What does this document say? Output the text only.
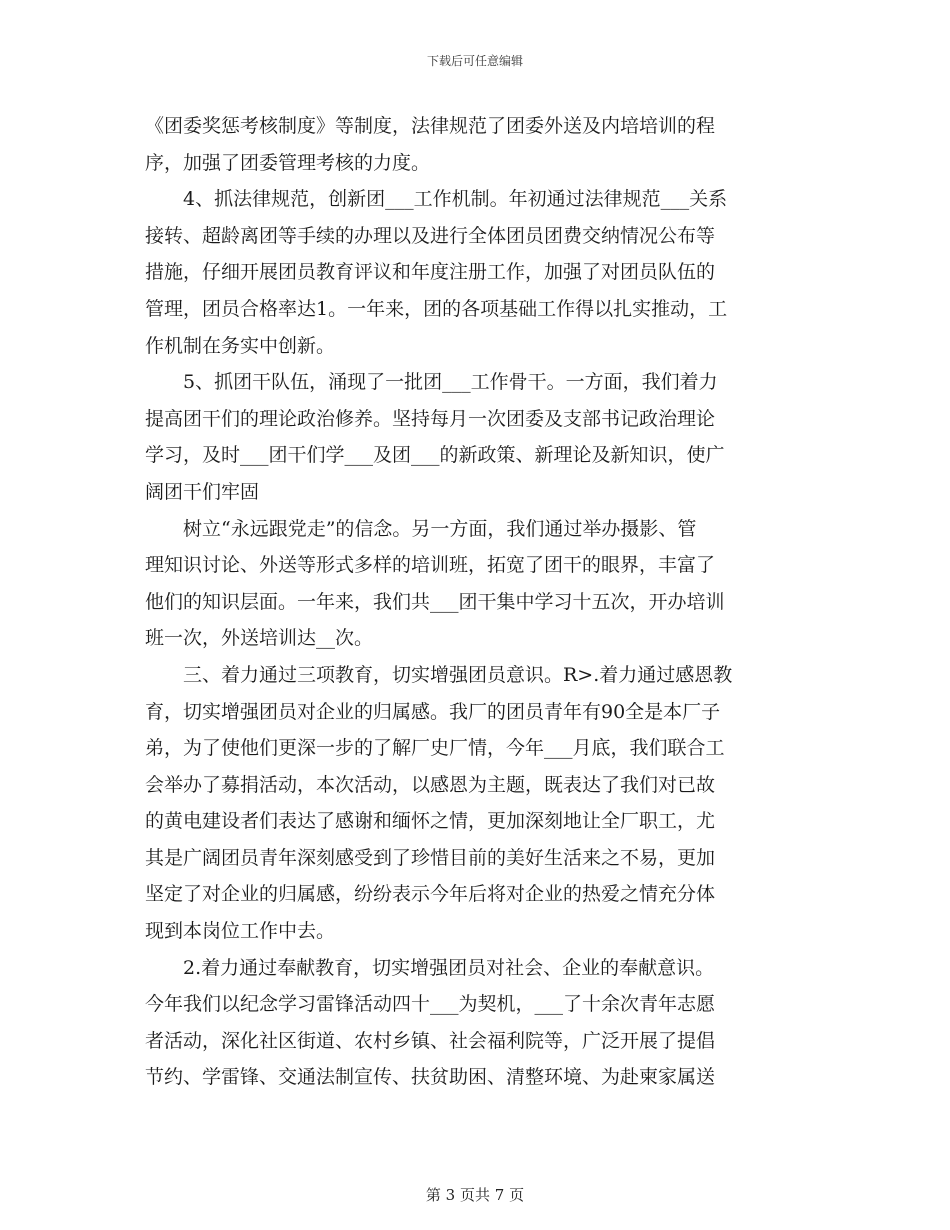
下载后可任意编辑
《团委奖惩考核制度》等制度，法律规范了团委外送及内培培训的程
序，加强了团委管理考核的力度。
4、抓法律规范，创新团___工作机制。年初通过法律规范___关系
接转、超龄离团等手续的办理以及进行全体团员团费交纳情况公布等
措施，仔细开展团员教育评议和年度注册工作，加强了对团员队伍的
管理，团员合格率达1。一年来，团的各项基础工作得以扎实推动，工
作机制在务实中创新。
5、抓团干队伍，涌现了一批团___工作骨干。一方面，我们着力
提高团干们的理论政治修养。坚持每月一次团委及支部书记政治理论
学习，及时___团干们学___及团___的新政策、新理论及新知识，使广
阔团干们牢固
树立“永远跟党走”的信念。另一方面，我们通过举办摄影、管
理知识讨论、外送等形式多样的培训班，拓宽了团干的眼界，丰富了
他们的知识层面。一年来，我们共___团干集中学习十五次，开办培训
班一次，外送培训达__次。
三、着力通过三项教育，切实增强团员意识。R>.着力通过感恩教
育，切实增强团员对企业的归属感。我厂的团员青年有90全是本厂子
弟，为了使他们更深一步的了解厂史厂情，今年___月底，我们联合工
会举办了募捐活动，本次活动，以感恩为主题，既表达了我们对已故
的黄电建设者们表达了感谢和缅怀之情，更加深刻地让全厂职工，尤
其是广阔团员青年深刻感受到了珍惜目前的美好生活来之不易，更加
坚定了对企业的归属感，纷纷表示今年后将对企业的热爱之情充分体
现到本岗位工作中去。
2.着力通过奉献教育，切实增强团员对社会、企业的奉献意识。
今年我们以纪念学习雷锋活动四十___为契机，___了十余次青年志愿
者活动，深化社区街道、农村乡镇、社会福利院等，广泛开展了提倡
节约、学雷锋、交通法制宣传、扶贫助困、清整环境、为赴柬家属送
第 3 页共 7 页
